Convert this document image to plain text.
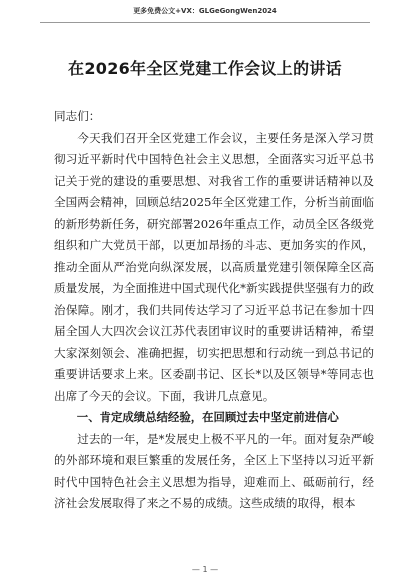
更多免费公文+VX：GLGeGongWen2024
在2026年全区党建工作会议上的讲话

同志们：

今天我们召开全区党建工作会议，主要任务是深入学习贯彻习近平新时代中国特色社会主义思想，全面落实习近平总书记关于党的建设的重要思想、对我省工作的重要讲话精神以及全国两会精神，回顾总结2025年全区党建工作，分析当前面临的新形势新任务，研究部署2026年重点工作，动员全区各级党组织和广大党员干部，以更加昂扬的斗志、更加务实的作风，推动全面从严治党向纵深发展，以高质量党建引领保障全区高质量发展，为全面推进中国式现代化*新实践提供坚强有力的政治保障。刚才，我们共同传达学习了习近平总书记在参加十四届全国人大四次会议江苏代表团审议时的重要讲话精神，希望大家深刻领会、准确把握，切实把思想和行动统一到总书记的重要讲话要求上来。区委副书记、区长*以及区领导*等同志也出席了今天的会议。下面，我讲几点意见。

一、肯定成绩总结经验，在回顾过去中坚定前进信心

过去的一年，是*发展史上极不平凡的一年。面对复杂严峻的外部环境和艰巨繁重的发展任务，全区上下坚持以习近平新时代中国特色社会主义思想为指导，迎难而上、砥砺前行，经济社会发展取得了来之不易的成绩。这些成绩的取得，根本

— 1 —
